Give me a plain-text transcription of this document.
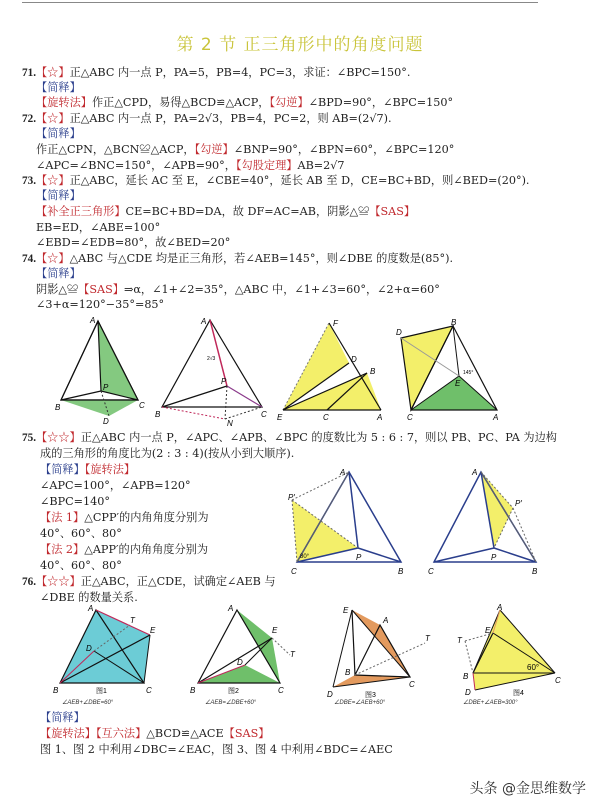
第 2 节 正三角形中的角度问题
71.【☆】正△ABC 内一点 P，PA=5，PB=4，PC=3，求证：∠BPC=150°.
【简释】
【旋转法】作正△CPD，易得△BCD≌△ACP，【勾逆】∠BPD=90°，∠BPC=150°
72.【☆】正△ABC 内一点 P，PA=2√3，PB=4，PC=2，则 AB=(2√7).
【简释】
作正△CPN，△BCN≌△ACP，【勾逆】∠BNP=90°，∠BPN=60°，∠BPC=120°
∠APC=∠BNC=150°，∠APB=90°，【勾股定理】AB=2√7
73.【☆】正△ABC，延长 AC 至 E，∠CBE=40°，延长 AB 至 D，CE=BC+BD，则∠BED=(20°).
【简释】
【补全正三角形】CE=BC+BD=DA，故 DF=AC=AB，阴影△≌【SAS】
EB=ED，∠ABE=100°
∠EBD=∠EDB=80°，故∠BED=20°
74.【☆】△ABC 与△CDE 均是正三角形，若∠AEB=145°，则∠DBE 的度数是(85°).
【简释】
阴影△≌【SAS】⇒α，∠1+∠2=35°，△ABC 中，∠1+∠3=60°，∠2+α=60°
∠3+α=120°−35°=85°
A
P
B	C
D
A
P
B	C
N
2√3
F
D
B
E	C	A
B
D
E
C	A
145°
75.【☆☆】正△ABC 内一点 P，∠APC、∠APB、∠BPC 的度数比为 5 : 6 : 7，则以 PB、PC、PA 为边构
成的三角形的角度比为(2 : 3 : 4)(按从小到大顺序).
【简释】【旋转法】
∠APC=100°，∠APB=120°
∠BPC=140°
【法 1】△CPP′的内角角度分别为
40°、60°、80°
【法 2】△APP′的内角角度分别为
40°、60°、80°
A
P′
P
C	B
80°
A
P′
P
C	B
76.【☆☆】正△ABC，正△CDE，试确定∠AEB 与
∠DBE 的数量关系.
A
T
E
D
B	C
图1
∠AEB+∠DBE=60°
A
E
T
D
B	C
图2
∠AEB=∠DBE+60°
E
A
T
B
C
D	图3
∠DBE=∠AEB+60°
A
E
T
B	C
D
60°
图4
∠DBE+∠AEB=300°
【简释】
【旋转法】【互六法】△BCD≌△ACE【SAS】
图 1、图 2 中利用∠DBC=∠EAC，图 3、图 4 中利用∠BDC=∠AEC
头条 @金思维数学
